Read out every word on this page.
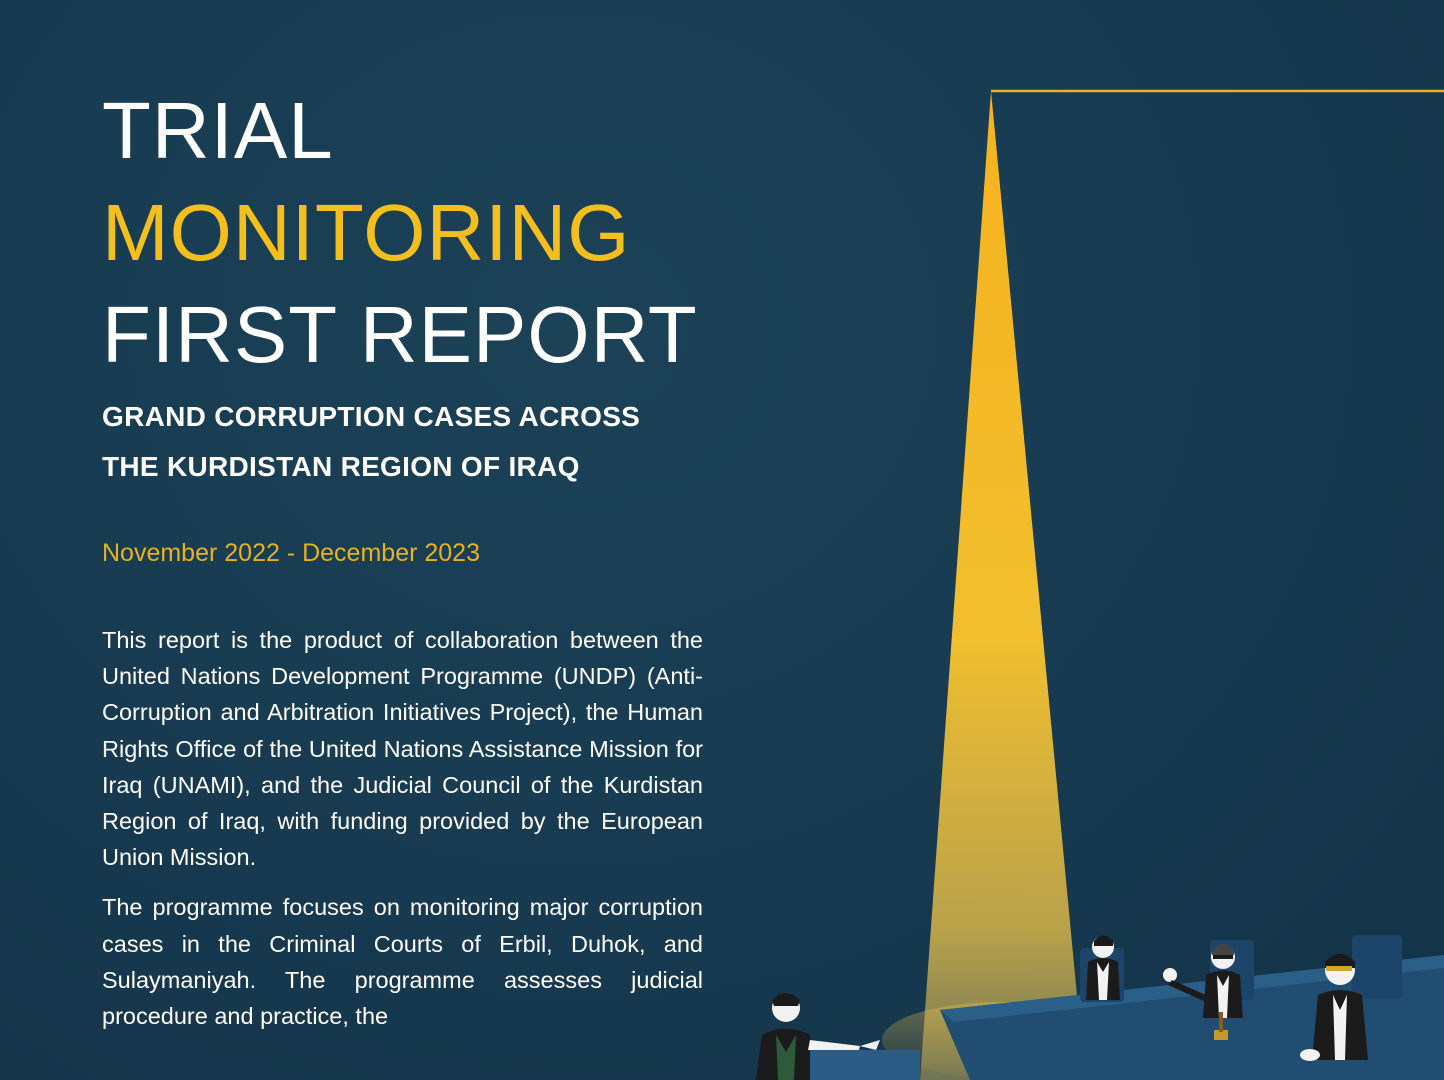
TRIAL
MONITORING
FIRST REPORT
GRAND CORRUPTION CASES ACROSS
THE KURDISTAN REGION OF IRAQ
November 2022 - December 2023

This report is the product of collaboration between the United Nations Development Programme (UNDP) (Anti-Corruption and Arbitration Initiatives Project), the Human Rights Office of the United Nations Assistance Mission for Iraq (UNAMI), and the Judicial Council of the Kurdistan Region of Iraq, with funding provided by the European Union Mission.

The programme focuses on monitoring major corruption cases in the Criminal Courts of Erbil, Duhok, and Sulaymaniyah. The programme assesses judicial procedure and practice, the
